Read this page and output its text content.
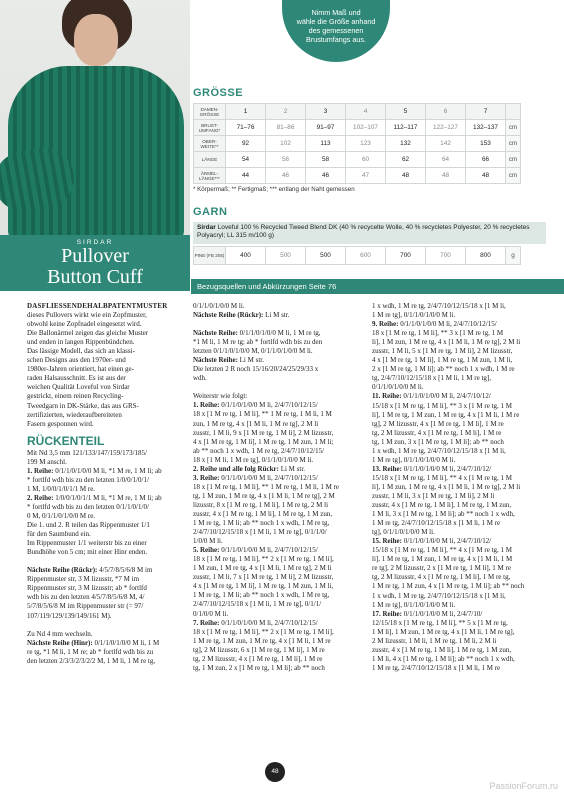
Nimm Maß und
wähle die Größe anhand
des gemessenen
Brustumfangs aus.
GRÖSSE
DAMEN-GRÖSSE	1	2	3	4	5	6	7	
BRUST-UMFANG*	71–76	81–86	91–97	102–107	112–117	122–127	132–137	cm
OBER-WEITE**	92	102	113	123	132	142	153	cm
LÄNGE	54	56	58	60	62	64	66	cm
ÄRMEL-LÄNGE***	44	46	46	47	48	48	48	cm
* Körpermaß; ** Fertigmaß; *** entlang der Naht gemessen
GARN
Sirdar Loveful 100 % Recycled Tweed Blend DK (40 % recycelte Wolle, 40 % recycletes Polyester, 20 % recycletes Polyacryl; LL 315 m/100 g)
PINE (FB 205)	400	500	500	600	700	700	800	g
Bezugsquellen und Abkürzungen Seite 76
SIRDAR
Pullover
Button Cuff

DASFLIESSENDEHALBPATENTMUSTER

dieses Pullovers wirkt wie ein Zopfmuster,

obwohl keine Zopfnadel eingesetzt wird.

Die Ballonärmel zeigen das gleiche Muster

und enden in langen Rippenbündchen.

Das lässige Modell, das sich an klassi-

schen Designs aus den 1970er- und

1980er-Jahren orientiert, hat einen ge-

raden Halsausschnitt. Es ist aus der

weichen Qualität Loveful von Sirdar

gestrickt, einem reinen Recycling-

Tweedgarn in DK-Stärke, das aus GRS-

zertifizierten, wiederaufbereiteten

Fasern gesponnen wird.

RÜCKENTEIL

Mit Nd 3,5 mm 121/133/147/159/173/185/

199 M anschl.

1. Reihe: 0/1/1/0/1/0/0 M li, *1 M re, 1 M li; ab

* fortlfd wdh bis zu den letzten 1/0/0/1/0/1/

1 M, 1/0/0/1/0/1/1 M re.

2. Reihe: 1/0/0/1/0/1/1 M li, *1 M re, 1 M li; ab

* fortlfd wdh bis zu den letzten 0/1/1/0/1/0/

0 M, 0/1/1/0/1/0/0 M re.

Die 1. und 2. R teilen das Rippenmuster 1/1

für den Saumbund ein.

Im Rippenmuster 1/1 weiterstr bis zu einer

Bundhöhe von 5 cm; mit einer Hinr enden.

Nächste Reihe (Rückr): 4/5/7/8/5/6/8 M im

Rippenmuster str, 3 M lizusstr, *7 M im

Rippenmuster str, 3 M lizusstr; ab * fortlfd

wdh bis zu den letzten 4/5/7/8/5/6/8 M, 4/

5/7/8/5/6/8 M im Rippenmuster str (= 97/

107/119/129/139/149/161 M).

Zu Nd 4 mm wechseln.

Nächste Reihe (Hinr): 0/1/1/0/1/0/0 M li, 1 M

re tg, *1 M li, 1 M re; ab * fortlfd wdh bis zu

den letzten 2/3/3/2/3/2/2 M, 1 M li, 1 M re tg,

0/1/1/0/1/0/0 M li.

Nächste Reihe (Rückr): Li M str.

Nächste Reihe: 0/1/1/0/1/0/0 M li, 1 M re tg,

*1 M li, 1 M re tg; ab * fortlfd wdh bis zu den

letzten 0/1/1/0/1/0/0 M, 0/1/1/0/1/0/0 M li.

Nächste Reihe: Li M str.

Die letzten 2 R noch 15/16/20/24/25/29/33 x

wdh.

Weiterstr wie folgt:

1. Reihe: 0/1/1/0/1/0/0 M li, 2/4/7/10/12/15/

18 x [1 M re tg, 1 M li], ** 1 M re tg, 1 M li, 1 M

zun, 1 M re tg, 4 x [1 M li, 1 M re tg], 2 M li

zusstr, 1 M li, 9 x [1 M re tg, 1 M li], 2 M lizusstr,

4 x [1 M re tg, 1 M li], 1 M re tg, 1 M zun, 1 M li;

ab ** noch 1 x wdh, 1 M re tg, 2/4/7/10/12/15/

18 x [1 M li, 1 M re tg], 0/1/1/0/1/0/0 M li.

2. Reihe und alle folg Rückr: Li M str.

3. Reihe: 0/1/1/0/1/0/0 M li, 2/4/7/10/12/15/

18 x [1 M re tg, 1 M li], ** 1 M re tg, 1 M li, 1 M re

tg, 1 M zun, 1 M re tg, 4 x [1 M li, 1 M re tg], 2 M

lizusstr, 8 x [1 M re tg, 1 M li], 1 M re tg, 2 M li

zusstr, 4 x [1 M re tg, 1 M li], 1 M re tg, 1 M zun,

1 M re tg, 1 M li; ab ** noch 1 x wdh, 1 M re tg,

2/4/7/10/12/15/18 x [1 M li, 1 M re tg], 0/1/1/0/

1/0/0 M li.

5. Reihe: 0/1/1/0/1/0/0 M li, 2/4/7/10/12/15/

18 x [1 M re tg, 1 M li], ** 2 x [1 M re tg, 1 M li],

1 M zun, 1 M re tg, 4 x [1 M li, 1 M re tg], 2 M li

zusstr, 1 M li, 7 x [1 M re tg, 1 M li], 2 M lizusstr,

4 x [1 M re tg, 1 M li], 1 M re tg, 1 M zun, 1 M li,

1 M re tg, 1 M li; ab ** noch 1 x wdh, 1 M re tg,

2/4/7/10/12/15/18 x [1 M li, 1 M re tg], 0/1/1/

0/1/0/0 M li.

7. Reihe: 0/1/1/0/1/0/0 M li, 2/4/7/10/12/15/

18 x [1 M re tg, 1 M li], ** 2 x [1 M re tg, 1 M li],

1 M re tg, 1 M zun, 1 M re tg, 4 x [1 M li, 1 M re

tg], 2 M lizusstr, 6 x [1 M re tg, 1 M li], 1 M re

tg, 2 M lizusstr, 4 x [1 M re tg, 1 M li], 1 M re

tg, 1 M zun, 2 x [1 M re tg, 1 M li]; ab ** noch

1 x wdh, 1 M re tg, 2/4/7/10/12/15/18 x [1 M li,

1 M re tg], 0/1/1/0/1/0/0 M li.

9. Reihe: 0/1/1/0/1/0/0 M li, 2/4/7/10/12/15/

18 x [1 M re tg, 1 M li], ** 3 x [1 M re tg, 1 M

li], 1 M zun, 1 M re tg, 4 x [1 M li, 1 M re tg], 2 M li

zusstr, 1 M li, 5 x [1 M re tg, 1 M li], 2 M lizusstr,

4 x [1 M re tg, 1 M li], 1 M re tg, 1 M zun, 1 M li,

2 x [1 M re tg, 1 M li]; ab ** noch 1 x wdh, 1 M re

tg, 2/4/7/10/12/15/18 x [1 M li, 1 M re tg],

0/1/1/0/1/0/0 M li.

11. Reihe: 0/1/1/0/1/0/0 M li, 2/4/7/10/12/

15/18 x [1 M re tg, 1 M li], ** 3 x [1 M re tg, 1 M

li], 1 M re tg, 1 M zun, 1 M re tg, 4 x [1 M li, 1 M re

tg], 2 M lizusstr, 4 x [1 M re tg, 1 M li], 1 M re

tg, 2 M lizusstr, 4 x [1 M re tg, 1 M li], 1 M re

tg, 1 M zun, 3 x [1 M re tg, 1 M li]; ab ** noch

1 x wdh, 1 M re tg, 2/4/7/10/12/15/18 x [1 M li,

1 M re tg], 0/1/1/0/1/0/0 M li.

13. Reihe: 0/1/1/0/1/0/0 M li, 2/4/7/10/12/

15/18 x [1 M re tg, 1 M li], ** 4 x [1 M re tg, 1 M

li], 1 M zun, 1 M re tg, 4 x [1 M li, 1 M re tg], 2 M li

zusstr, 1 M li, 3 x [1 M re tg, 1 M li], 2 M li

zusstr, 4 x [1 M re tg, 1 M li], 1 M re tg, 1 M zun,

1 M li, 3 x [1 M re tg, 1 M li]; ab ** noch 1 x wdh,

1 M re tg, 2/4/7/10/12/15/18 x [1 M li, 1 M re

tg], 0/1/1/0/1/0/0 M li.

15. Reihe: 0/1/1/0/1/0/0 M li, 2/4/7/10/12/

15/18 x [1 M re tg, 1 M li], ** 4 x [1 M re tg, 1 M

li], 1 M re tg, 1 M zun, 1 M re tg, 4 x [1 M li, 1 M

re tg], 2 M lizusstr, 2 x [1 M re tg, 1 M li], 1 M re

tg, 2 M lizusstr, 4 x [1 M re tg, 1 M li], 1 M re tg,

1 M re tg, 1 M zun, 4 x [1 M re tg, 1 M li]; ab ** noch

1 x wdh, 1 M re tg, 2/4/7/10/12/15/18 x [1 M li,

1 M re tg], 0/1/1/0/1/0/0 M li.

17. Reihe: 0/1/1/0/1/0/0 M li, 2/4/7/10/

12/15/18 x [1 M re tg, 1 M li], ** 5 x [1 M re tg,

1 M li], 1 M zun, 1 M re tg, 4 x [1 M li, 1 M re tg],

2 M lizusstr, 1 M li, 1 M re tg, 1 M li, 2 M li

zusstr, 4 x [1 M re tg, 1 M li], 1 M re tg, 1 M zun,

1 M li, 4 x [1 M re tg, 1 M li]; ab ** noch 1 x wdh,

1 M re tg, 2/4/7/10/12/15/18 x [1 M li, 1 M re

48
PassionForum.ru
